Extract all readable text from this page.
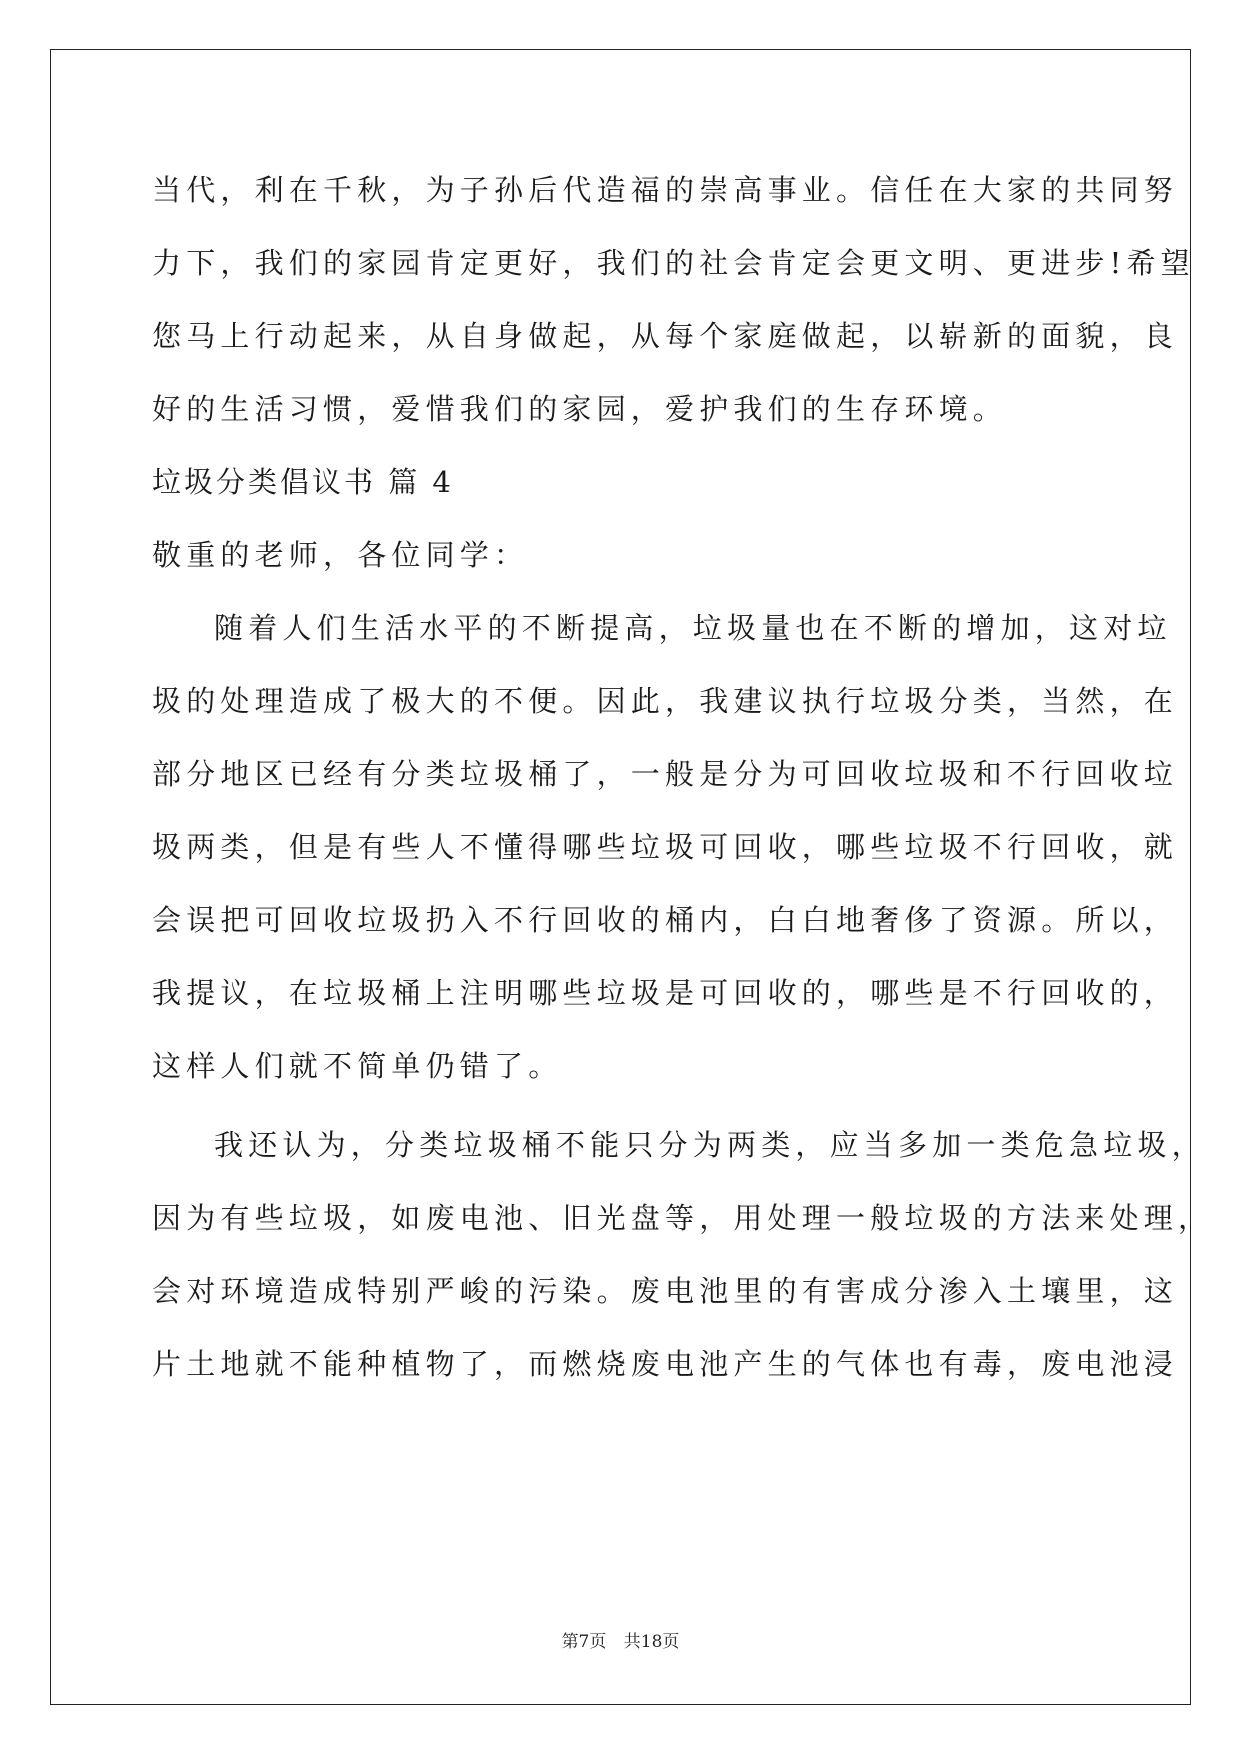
当代，利在千秋，为子孙后代造福的崇高事业。信任在大家的共同努
力下，我们的家园肯定更好，我们的社会肯定会更文明、更进步!希望
您马上行动起来，从自身做起，从每个家庭做起，以崭新的面貌，良
好的生活习惯，爱惜我们的家园，爱护我们的生存环境。
垃圾分类倡议书 篇 4
敬重的老师，各位同学：
随着人们生活水平的不断提高，垃圾量也在不断的增加，这对垃
圾的处理造成了极大的不便。因此，我建议执行垃圾分类，当然，在
部分地区已经有分类垃圾桶了，一般是分为可回收垃圾和不行回收垃
圾两类，但是有些人不懂得哪些垃圾可回收，哪些垃圾不行回收，就
会误把可回收垃圾扔入不行回收的桶内，白白地奢侈了资源。所以，
我提议，在垃圾桶上注明哪些垃圾是可回收的，哪些是不行回收的，
这样人们就不简单仍错了。
我还认为，分类垃圾桶不能只分为两类，应当多加一类危急垃圾，
因为有些垃圾，如废电池、旧光盘等，用处理一般垃圾的方法来处理，
会对环境造成特别严峻的污染。废电池里的有害成分渗入土壤里，这
片土地就不能种植物了，而燃烧废电池产生的气体也有毒，废电池浸
第7页 共18页
